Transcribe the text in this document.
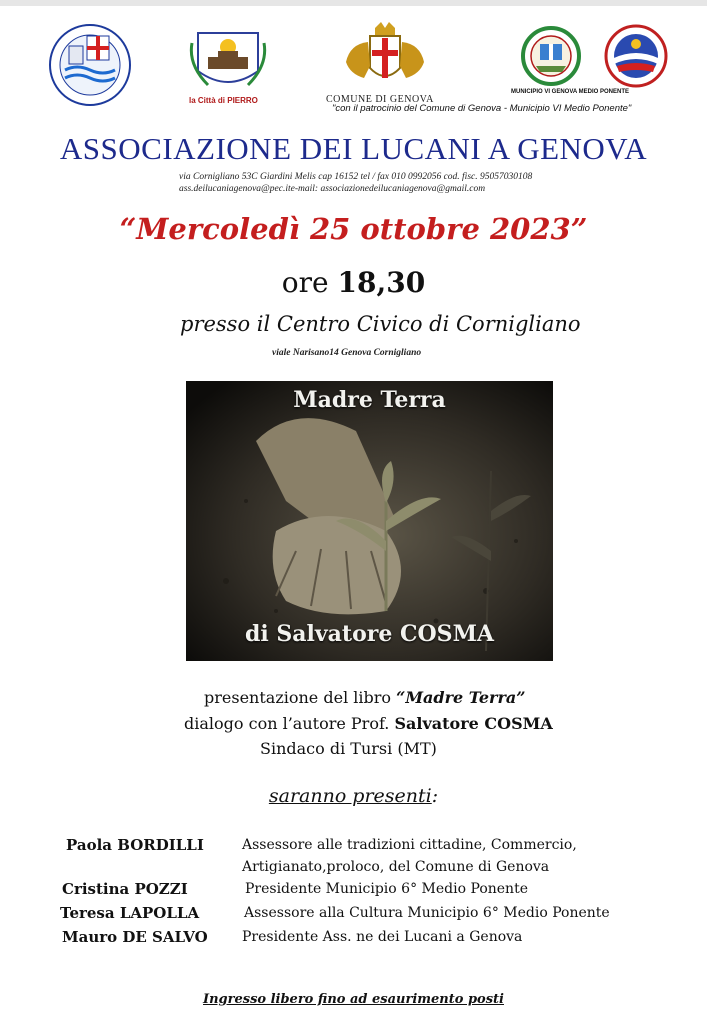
la Città di PIERRO	COMUNE DI GENOVA
"con il patrocinio del Comune di Genova - Municipio VI Medio Ponente"
MUNICIPIO VI GENOVA MEDIO PONENTE
ASSOCIAZIONE DEI LUCANI A GENOVA
via Cornigliano 53C Giardini Melis cap 16152 tel / fax 010 0992056 cod. fisc. 95057030108
ass.deilucaniagenova@pec.ite-mail: associazionedeilucaniagenova@gmail.com
“Mercoledì 25 ottobre 2023”
ore 18,30
presso il Centro Civico di Cornigliano
viale Narisano14 Genova Cornigliano
Madre Terra
di Salvatore COSMA
presentazione del libro “Madre Terra”
dialogo con l’autore Prof. Salvatore COSMA
Sindaco di Tursi (MT)
saranno presenti:
Paola BORDILLI	Assessore alle tradizioni cittadine, Commercio,
Artigianato,proloco, del Comune di Genova
Cristina POZZI	Presidente Municipio 6° Medio Ponente
Teresa LAPOLLA	Assessore alla Cultura Municipio 6° Medio Ponente
Mauro DE SALVO Presidente Ass. ne dei Lucani a Genova
Ingresso libero fino ad esaurimento posti
